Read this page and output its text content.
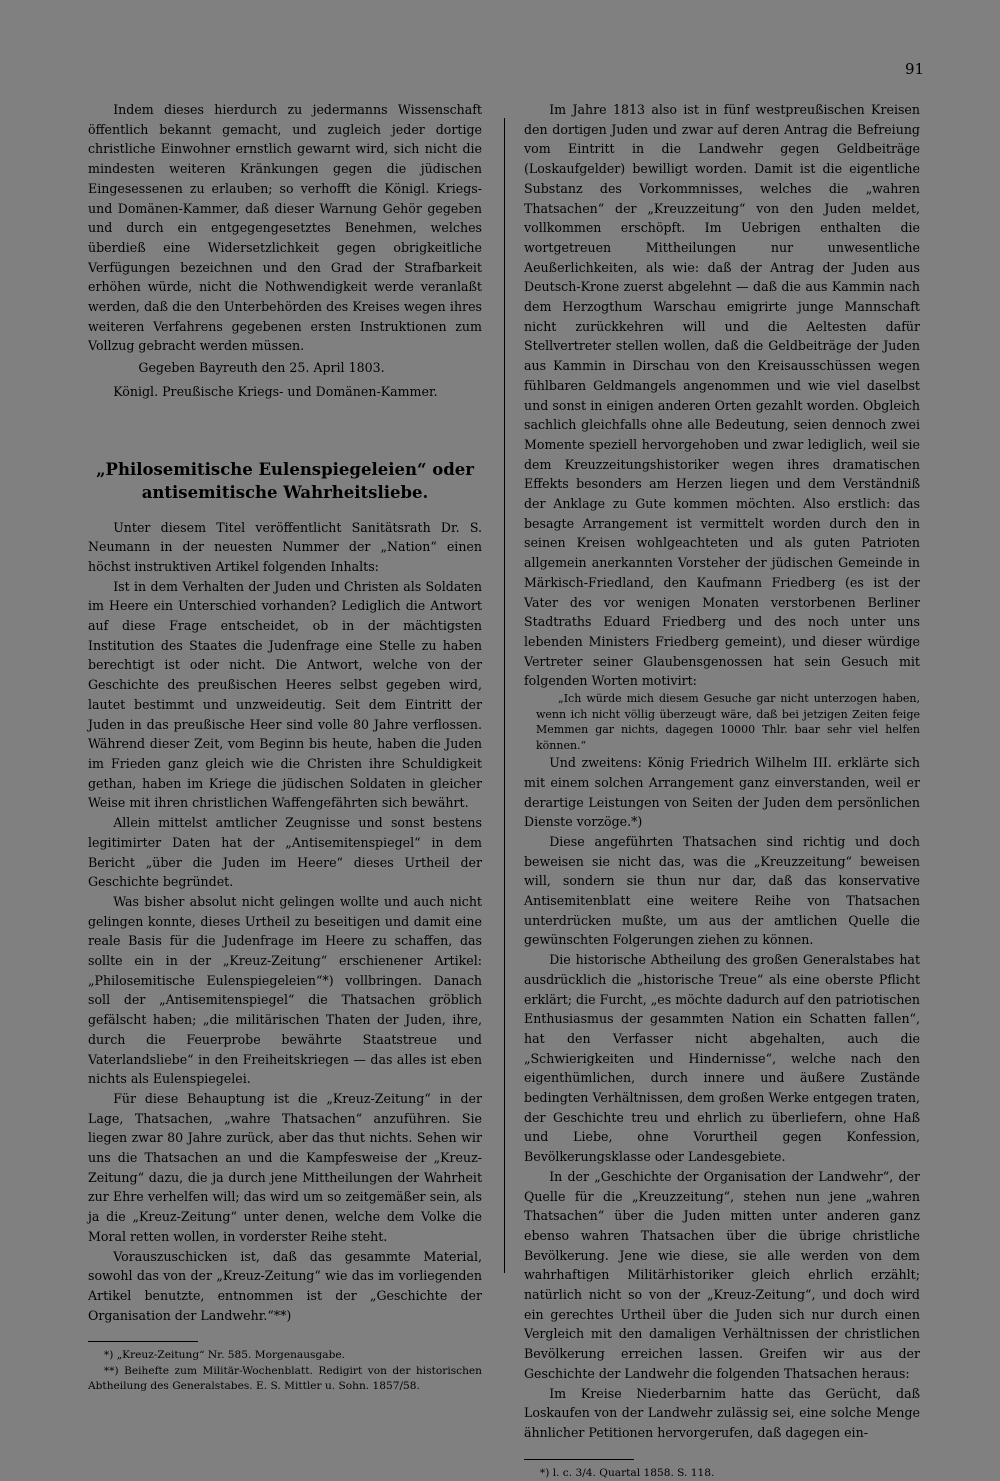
91

Indem dieses hierdurch zu jedermanns Wissenschaft öffentlich bekannt gemacht, und zugleich jeder dortige christliche Einwohner ernstlich gewarnt wird, sich nicht die mindesten weiteren Kränkungen gegen die jüdischen Eingesessenen zu erlauben; so verhofft die Königl. Kriegs- und Domänen-Kammer, daß dieser Warnung Gehör gegeben und durch ein entgegengesetztes Benehmen, welches überdieß eine Widersetzlichkeit gegen obrigkeitliche Verfügungen bezeichnen und den Grad der Strafbarkeit erhöhen würde, nicht die Nothwendigkeit werde veranlaßt werden, daß die den Unterbehörden des Kreises wegen ihres weiteren Verfahrens gegebenen ersten Instruktionen zum Vollzug gebracht werden müssen.

Gegeben Bayreuth den 25. April 1803.

Königl. Preußische Kriegs- und Domänen-Kammer.

„Philosemitische Eulenspiegeleien“ oder
antisemitische Wahrheitsliebe.

Unter diesem Titel veröffentlicht Sanitätsrath Dr. S. Neumann in der neuesten Nummer der „Nation“ einen höchst instruktiven Artikel folgenden Inhalts:

Ist in dem Verhalten der Juden und Christen als Soldaten im Heere ein Unterschied vorhanden? Lediglich die Antwort auf diese Frage entscheidet, ob in der mächtigsten Institution des Staates die Judenfrage eine Stelle zu haben berechtigt ist oder nicht. Die Antwort, welche von der Geschichte des preußischen Heeres selbst gegeben wird, lautet bestimmt und unzweideutig. Seit dem Eintritt der Juden in das preußische Heer sind volle 80 Jahre verflossen. Während dieser Zeit, vom Beginn bis heute, haben die Juden im Frieden ganz gleich wie die Christen ihre Schuldigkeit gethan, haben im Kriege die jüdischen Soldaten in gleicher Weise mit ihren christlichen Waffengefährten sich bewährt.

Allein mittelst amtlicher Zeugnisse und sonst bestens legitimirter Daten hat der „Antisemitenspiegel“ in dem Bericht „über die Juden im Heere“ dieses Urtheil der Geschichte begründet.

Was bisher absolut nicht gelingen wollte und auch nicht gelingen konnte, dieses Urtheil zu beseitigen und damit eine reale Basis für die Judenfrage im Heere zu schaffen, das sollte ein in der „Kreuz-Zeitung“ erschienener Artikel: „Philosemitische Eulenspiegeleien“*) vollbringen. Danach soll der „Antisemitenspiegel“ die Thatsachen gröblich gefälscht haben; „die militärischen Thaten der Juden, ihre, durch die Feuerprobe bewährte Staatstreue und Vaterlandsliebe“ in den Freiheitskriegen — das alles ist eben nichts als Eulenspiegelei.

Für diese Behauptung ist die „Kreuz-Zeitung“ in der Lage, Thatsachen, „wahre Thatsachen“ anzuführen. Sie liegen zwar 80 Jahre zurück, aber das thut nichts. Sehen wir uns die Thatsachen an und die Kampfesweise der „Kreuz-Zeitung“ dazu, die ja durch jene Mittheilungen der Wahrheit zur Ehre verhelfen will; das wird um so zeitgemäßer sein, als ja die „Kreuz-Zeitung“ unter denen, welche dem Volke die Moral retten wollen, in vorderster Reihe steht.

Vorauszuschicken ist, daß das gesammte Material, sowohl das von der „Kreuz-Zeitung“ wie das im vorliegenden Artikel benutzte, entnommen ist der „Geschichte der Organisation der Landwehr.“**)

*) „Kreuz-Zeitung“ Nr. 585. Morgenausgabe.

**) Beihefte zum Militär-Wochenblatt. Redigirt von der historischen Abtheilung des Generalstabes. E. S. Mittler u. Sohn. 1857/58.

Im Jahre 1813 also ist in fünf westpreußischen Kreisen den dortigen Juden und zwar auf deren Antrag die Befreiung vom Eintritt in die Landwehr gegen Geldbeiträge (Loskaufgelder) bewilligt worden. Damit ist die eigentliche Substanz des Vorkommnisses, welches die „wahren Thatsachen“ der „Kreuzzeitung“ von den Juden meldet, vollkommen erschöpft. Im Uebrigen enthalten die wortgetreuen Mittheilungen nur unwesentliche Aeußerlichkeiten, als wie: daß der Antrag der Juden aus Deutsch-Krone zuerst abgelehnt — daß die aus Kammin nach dem Herzogthum Warschau emigrirte junge Mannschaft nicht zurückkehren will und die Aeltesten dafür Stellvertreter stellen wollen, daß die Geldbeiträge der Juden aus Kammin in Dirschau von den Kreisausschüssen wegen fühlbaren Geldmangels angenommen und wie viel daselbst und sonst in einigen anderen Orten gezahlt worden. Obgleich sachlich gleichfalls ohne alle Bedeutung, seien dennoch zwei Momente speziell hervorgehoben und zwar lediglich, weil sie dem Kreuzzeitungshistoriker wegen ihres dramatischen Effekts besonders am Herzen liegen und dem Verständniß der Anklage zu Gute kommen möchten. Also erstlich: das besagte Arrangement ist vermittelt worden durch den in seinen Kreisen wohlgeachteten und als guten Patrioten allgemein anerkannten Vorsteher der jüdischen Gemeinde in Märkisch-Friedland, den Kaufmann Friedberg (es ist der Vater des vor wenigen Monaten verstorbenen Berliner Stadtraths Eduard Friedberg und des noch unter uns lebenden Ministers Friedberg gemeint), und dieser würdige Vertreter seiner Glaubensgenossen hat sein Gesuch mit folgenden Worten motivirt:

„Ich würde mich diesem Gesuche gar nicht unterzogen haben, wenn ich nicht völlig überzeugt wäre, daß bei jetzigen Zeiten feige Memmen gar nichts, dagegen 10000 Thlr. baar sehr viel helfen können.“

Und zweitens: König Friedrich Wilhelm III. erklärte sich mit einem solchen Arrangement ganz einverstanden, weil er derartige Leistungen von Seiten der Juden dem persönlichen Dienste vorzöge.*)

Diese angeführten Thatsachen sind richtig und doch beweisen sie nicht das, was die „Kreuzzeitung“ beweisen will, sondern sie thun nur dar, daß das konservative Antisemitenblatt eine weitere Reihe von Thatsachen unterdrücken mußte, um aus der amtlichen Quelle die gewünschten Folgerungen ziehen zu können.

Die historische Abtheilung des großen Generalstabes hat ausdrücklich die „historische Treue“ als eine oberste Pflicht erklärt; die Furcht, „es möchte dadurch auf den patriotischen Enthusiasmus der gesammten Nation ein Schatten fallen“, hat den Verfasser nicht abgehalten, auch die „Schwierigkeiten und Hindernisse“, welche nach den eigenthümlichen, durch innere und äußere Zustände bedingten Verhältnissen, dem großen Werke entgegen traten, der Geschichte treu und ehrlich zu überliefern, ohne Haß und Liebe, ohne Vorurtheil gegen Konfession, Bevölkerungsklasse oder Landesgebiete.

In der „Geschichte der Organisation der Landwehr“, der Quelle für die „Kreuzzeitung“, stehen nun jene „wahren Thatsachen“ über die Juden mitten unter anderen ganz ebenso wahren Thatsachen über die übrige christliche Bevölkerung. Jene wie diese, sie alle werden von dem wahrhaftigen Militärhistoriker gleich ehrlich erzählt; natürlich nicht so von der „Kreuz-Zeitung“, und doch wird ein gerechtes Urtheil über die Juden sich nur durch einen Vergleich mit den damaligen Verhältnissen der christlichen Bevölkerung erreichen lassen. Greifen wir aus der Geschichte der Landwehr die folgenden Thatsachen heraus:

Im Kreise Niederbarnim hatte das Gerücht, daß Loskaufen von der Landwehr zulässig sei, eine solche Menge ähnlicher Petitionen hervorgerufen, daß dagegen ein-

*) l. c. 3/4. Quartal 1858. S. 118.
